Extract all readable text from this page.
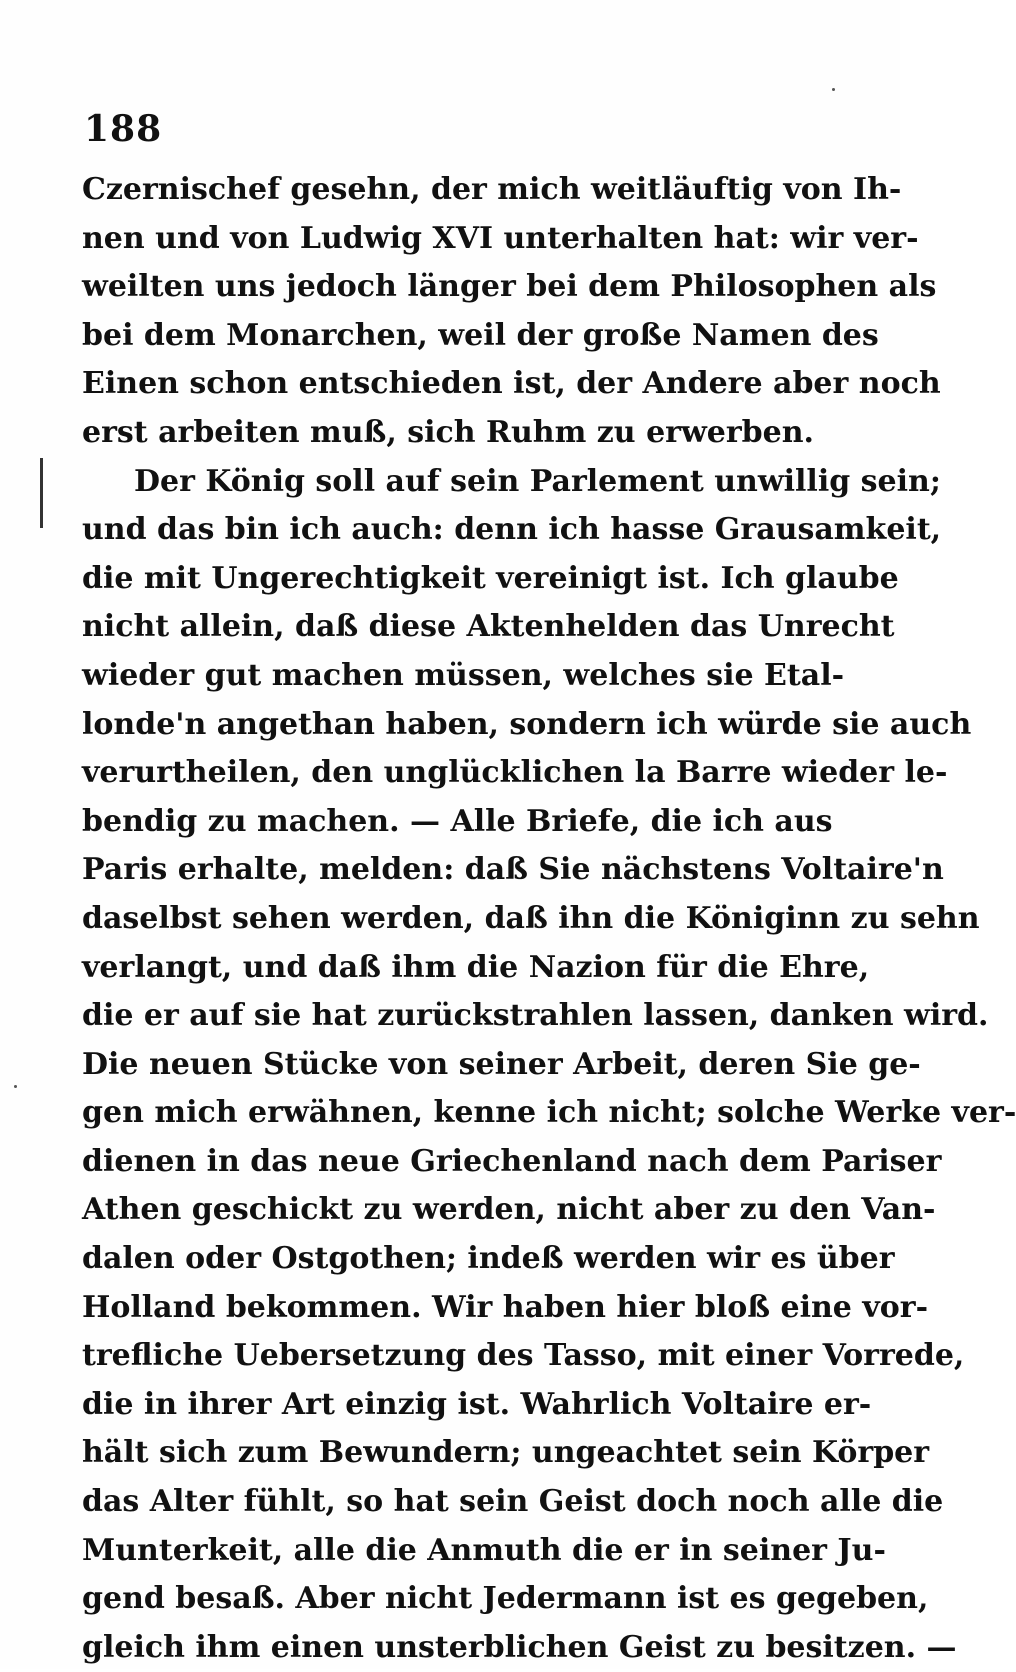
188
Czernischef gesehn, der mich weitläuftig von Ih-
nen und von Ludwig XVI unterhalten hat: wir ver-
weilten uns jedoch länger bei dem Philosophen als
bei dem Monarchen, weil der große Namen des
Einen schon entschieden ist, der Andere aber noch
erst arbeiten muß, sich Ruhm zu erwerben.
Der König soll auf sein Parlement unwillig sein;
und das bin ich auch: denn ich hasse Grausamkeit,
die mit Ungerechtigkeit vereinigt ist. Ich glaube
nicht allein, daß diese Aktenhelden das Unrecht
wieder gut machen müssen, welches sie Etal-
londe'n angethan haben, sondern ich würde sie auch
verurtheilen, den unglücklichen la Barre wieder le-
bendig zu machen. — Alle Briefe, die ich aus
Paris erhalte, melden: daß Sie nächstens Voltaire'n
daselbst sehen werden, daß ihn die Königinn zu sehn
verlangt, und daß ihm die Nazion für die Ehre,
die er auf sie hat zurückstrahlen lassen, danken wird.
Die neuen Stücke von seiner Arbeit, deren Sie ge-
gen mich erwähnen, kenne ich nicht; solche Werke ver-
dienen in das neue Griechenland nach dem Pariser
Athen geschickt zu werden, nicht aber zu den Van-
dalen oder Ostgothen; indeß werden wir es über
Holland bekommen. Wir haben hier bloß eine vor-
trefliche Uebersetzung des Tasso, mit einer Vorrede,
die in ihrer Art einzig ist. Wahrlich Voltaire er-
hält sich zum Bewundern; ungeachtet sein Körper
das Alter fühlt, so hat sein Geist doch noch alle die
Munterkeit, alle die Anmuth die er in seiner Ju-
gend besaß. Aber nicht Jedermann ist es gegeben,
gleich ihm einen unsterblichen Geist zu besitzen. —
